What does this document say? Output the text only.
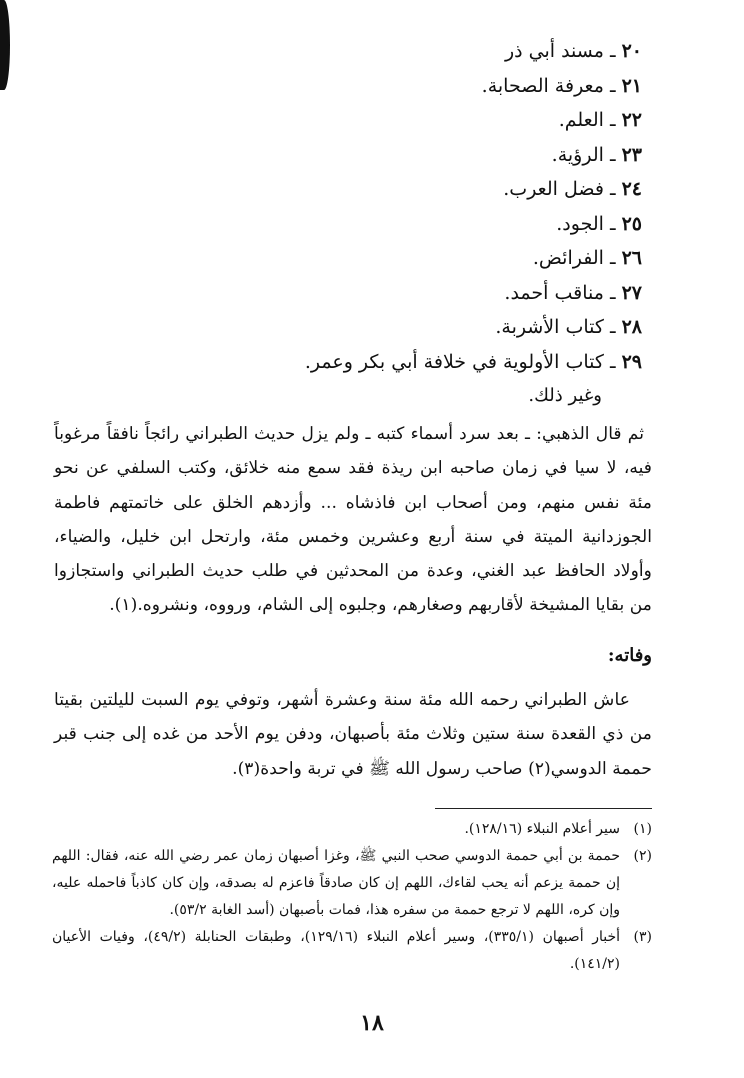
٢٠ ـ مسند أبي ذر
٢١ ـ معرفة الصحابة.
٢٢ ـ العلم.
٢٣ ـ الرؤية.
٢٤ ـ فضل العرب.
٢٥ ـ الجود.
٢٦ ـ الفرائض.
٢٧ ـ مناقب أحمد.
٢٨ ـ كتاب الأشربة.
٢٩ ـ كتاب الأولوية في خلافة أبي بكر وعمر.
وغير ذلك.

ثم قال الذهبي: ـ بعد سرد أسماء كتبه ـ ولم يزل حديث الطبراني رائجاً نافقاً مرغوباً فيه، لا سيا في زمان صاحبه ابن ريذة فقد سمع منه خلائق، وكتب السلفي عن نحو مئة نفس منهم، ومن أصحاب ابن فاذشاه ... وأزدهم الخلق على خاتمتهم فاطمة الجوزدانية الميتة في سنة أربع وعشرين وخمس مئة، وارتحل ابن خليل، والضياء، وأولاد الحافظ عبد الغني، وعدة من المحدثين في طلب حديث الطبراني واستجازوا من بقايا المشيخة لأقاربهم وصغارهم، وجلبوه إلى الشام، ورووه، ونشروه.(١).

وفاته:

عاش الطبراني رحمه الله مئة سنة وعشرة أشهر، وتوفي يوم السبت لليلتين بقيتا من ذي القعدة سنة ستين وثلاث مئة بأصبهان، ودفن يوم الأحد من غده إلى جنب قبر حممة الدوسي(٢) صاحب رسول الله ﷺ في تربة واحدة(٣).

(١)
سير أعلام النبلاء (١٢٨/١٦).
(٢)
حممة بن أبي حممة الدوسي صحب النبي ﷺ، وغزا أصبهان زمان عمر رضي الله عنه، فقال: اللهم إن حممة يزعم أنه يحب لقاءك، اللهم إن كان صادقاً فاعزم له بصدقه، وإن كان كاذباً فاحمله عليه، وإن كره، اللهم لا ترجع حممة من سفره هذا، فمات بأصبهان (أسد الغابة ٥٣/٢).
(٣)
أخبار أصبهان (٣٣٥/١)، وسير أعلام النبلاء (١٢٩/١٦)، وطبقات الحنابلة (٤٩/٢)، وفيات الأعيان (١٤١/٢).

١٨
